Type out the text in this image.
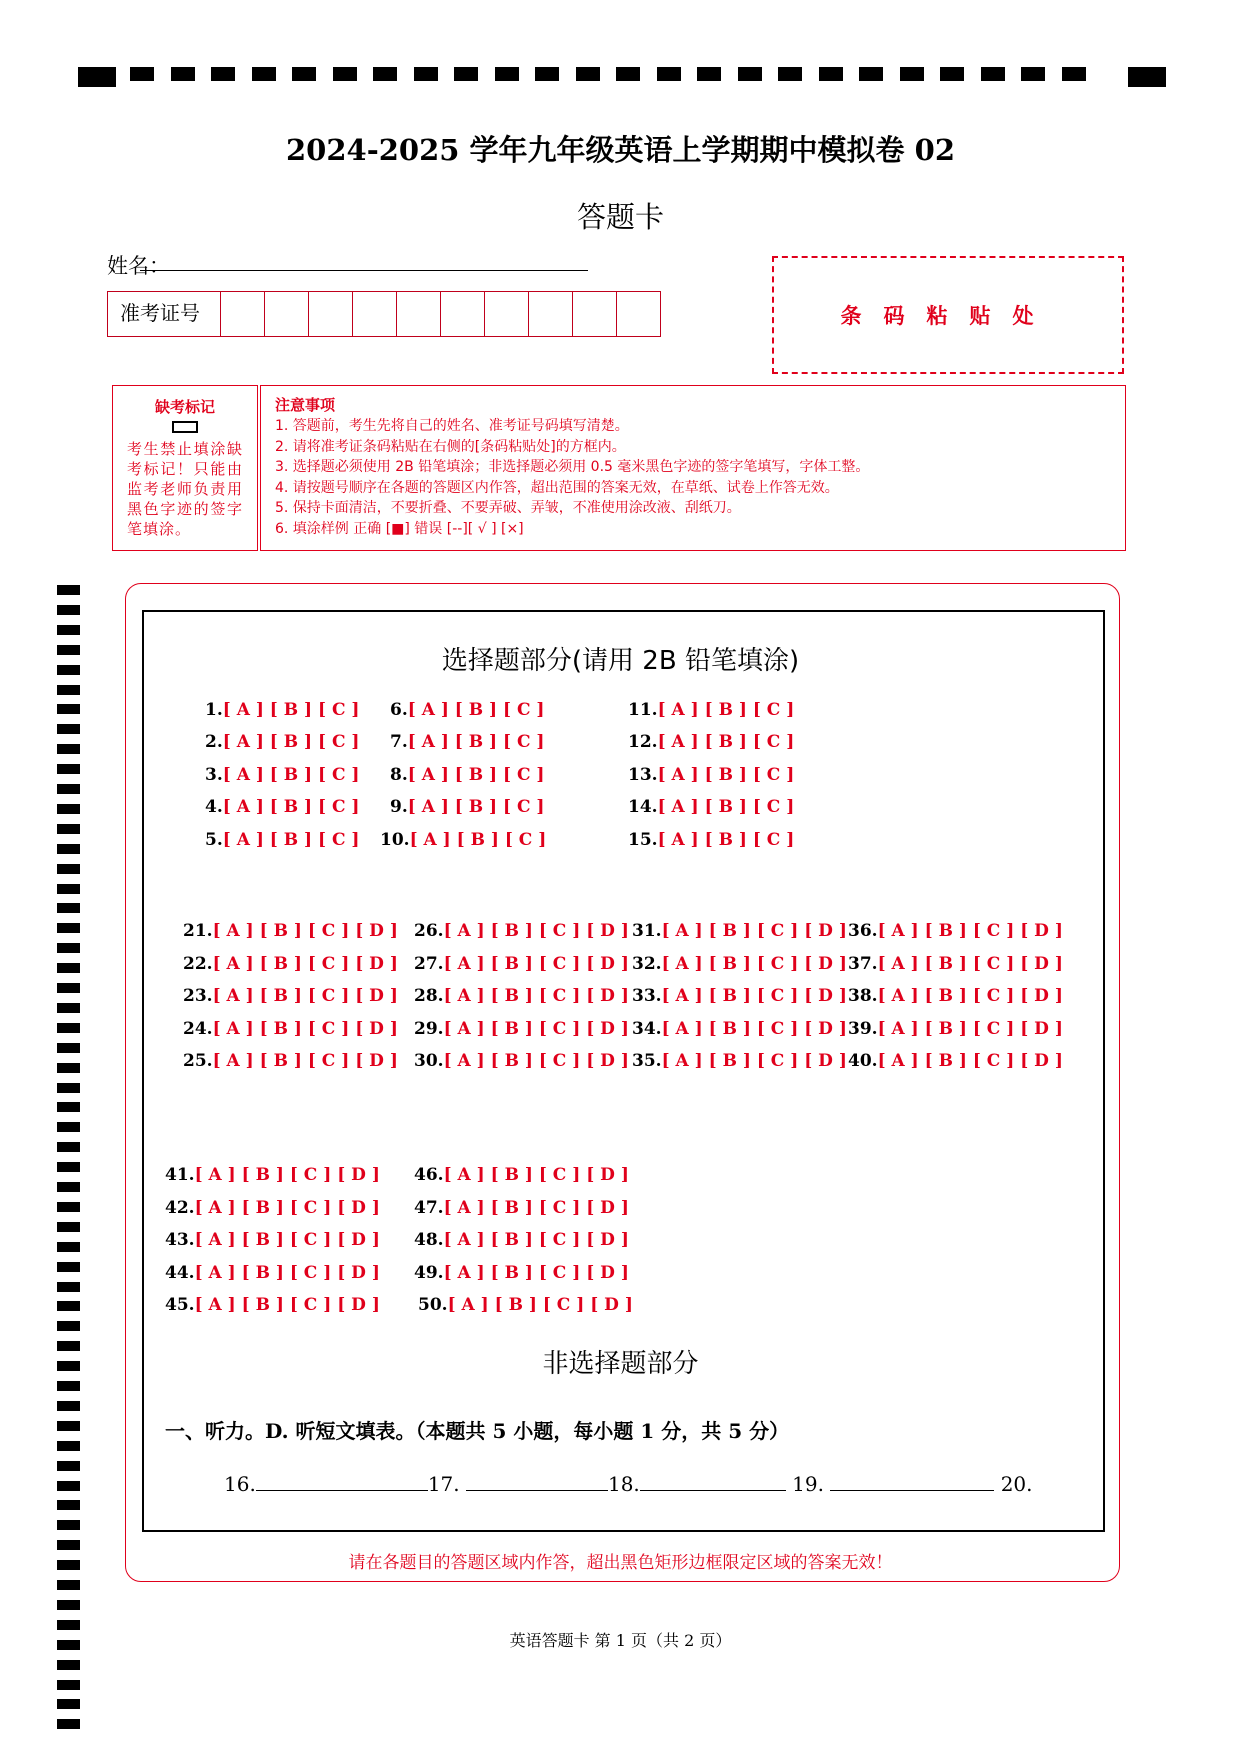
2024-2025 学年九年级英语上学期期中模拟卷 02
答题卡
姓名：
准考证号	条码粘贴处
缺考标记
考生禁止填涂缺考标记！只能由监考老师负责用黑色字迹的签字笔填涂。
注意事项
1. 答题前，考生先将自己的姓名、准考证号码填写清楚。
2. 请将准考证条码粘贴在右侧的[条码粘贴处]的方框内。
3. 选择题必须使用 2B 铅笔填涂；非选择题必须用 0.5 毫米黑色字迹的签字笔填写，字体工整。
4. 请按题号顺序在各题的答题区内作答，超出范围的答案无效，在草纸、试卷上作答无效。
5. 保持卡面清洁，不要折叠、不要弄破、弄皱，不准使用涂改液、刮纸刀。
6. 填涂样例 正确 [■] 错误 [--][ √ ] [×]
选择题部分(请用 2B 铅笔填涂)
1.[ A ] [ B ] [ C ]
2.[ A ] [ B ] [ C ]
3.[ A ] [ B ] [ C ]
4.[ A ] [ B ] [ C ]
5.[ A ] [ B ] [ C ]
6.[ A ] [ B ] [ C ]
7.[ A ] [ B ] [ C ]
8.[ A ] [ B ] [ C ]
9.[ A ] [ B ] [ C ]
10.[ A ] [ B ] [ C ]
11.[ A ] [ B ] [ C ]
12.[ A ] [ B ] [ C ]
13.[ A ] [ B ] [ C ]
14.[ A ] [ B ] [ C ]
15.[ A ] [ B ] [ C ]
21.[ A ] [ B ] [ C ] [ D ]
22.[ A ] [ B ] [ C ] [ D ]
23.[ A ] [ B ] [ C ] [ D ]
24.[ A ] [ B ] [ C ] [ D ]
25.[ A ] [ B ] [ C ] [ D ]
26.[ A ] [ B ] [ C ] [ D ]
27.[ A ] [ B ] [ C ] [ D ]
28.[ A ] [ B ] [ C ] [ D ]
29.[ A ] [ B ] [ C ] [ D ]
30.[ A ] [ B ] [ C ] [ D ]
31.[ A ] [ B ] [ C ] [ D ]
32.[ A ] [ B ] [ C ] [ D ]
33.[ A ] [ B ] [ C ] [ D ]
34.[ A ] [ B ] [ C ] [ D ]
35.[ A ] [ B ] [ C ] [ D ]
36.[ A ] [ B ] [ C ] [ D ]
37.[ A ] [ B ] [ C ] [ D ]
38.[ A ] [ B ] [ C ] [ D ]
39.[ A ] [ B ] [ C ] [ D ]
40.[ A ] [ B ] [ C ] [ D ]
41.[ A ] [ B ] [ C ] [ D ]
42.[ A ] [ B ] [ C ] [ D ]
43.[ A ] [ B ] [ C ] [ D ]
44.[ A ] [ B ] [ C ] [ D ]
45.[ A ] [ B ] [ C ] [ D ]
46.[ A ] [ B ] [ C ] [ D ]
47.[ A ] [ B ] [ C ] [ D ]
48.[ A ] [ B ] [ C ] [ D ]
49.[ A ] [ B ] [ C ] [ D ]
50.[ A ] [ B ] [ C ] [ D ]
非选择题部分
一、听力。D. 听短文填表。（本题共 5 小题，每小题 1 分，共 5 分）
16.	17.	18.	19.	20.
请在各题目的答题区域内作答，超出黑色矩形边框限定区域的答案无效！
英语答题卡 第 1 页（共 2 页）
